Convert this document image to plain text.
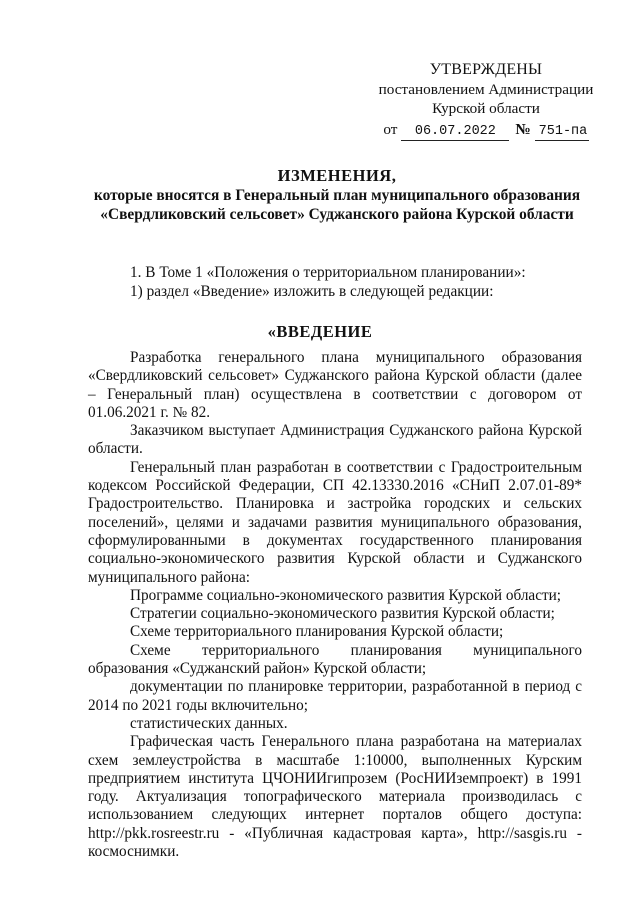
УТВЕРЖДЕНЫ
постановлением Администрации
Курской области
от	06.07.2022	№ 751-па
ИЗМЕНЕНИЯ,
которые вносятся в Генеральный план муниципального образования
«Свердликовский сельсовет» Суджанского района Курской области
1. В Томе 1 «Положения о территориальном планировании»:
1) раздел «Введение» изложить в следующей редакции:
«ВВЕДЕНИЕ

Разработка генерального плана муниципального образования «Свердликовский сельсовет» Суджанского района Курской области (далее – Генеральный план) осуществлена в соответствии с договором от 01.06.2021 г. № 82.

Заказчиком выступает Администрация Суджанского района Курской области.

Генеральный план разработан в соответствии с Градостроительным кодексом Российской Федерации, СП 42.13330.2016 «СНиП 2.07.01-89* Градостроительство. Планировка и застройка городских и сельских поселений», целями и задачами развития муниципального образования, сформулированными в документах государственного планирования социально-экономического развития Курской области и Суджанского муниципального района:

Программе социально-экономического развития Курской области;

Стратегии социально-экономического развития Курской области;

Схеме территориального планирования Курской области;

Схеме территориального планирования муниципального образования «Суджанский район» Курской области;

документации по планировке территории, разработанной в период с 2014 по 2021 годы включительно;

статистических данных.

Графическая часть Генерального плана разработана на материалах схем землеустройства в масштабе 1:10000, выполненных Курским предприятием института ЦЧОНИИгипрозем (РосНИИземпроект) в 1991 году. Актуализация топографического материала производилась с использованием следующих интернет порталов общего доступа: http://pkk.rosreestr.ru - «Публичная кадастровая карта», http://sasgis.ru - космоснимки.
